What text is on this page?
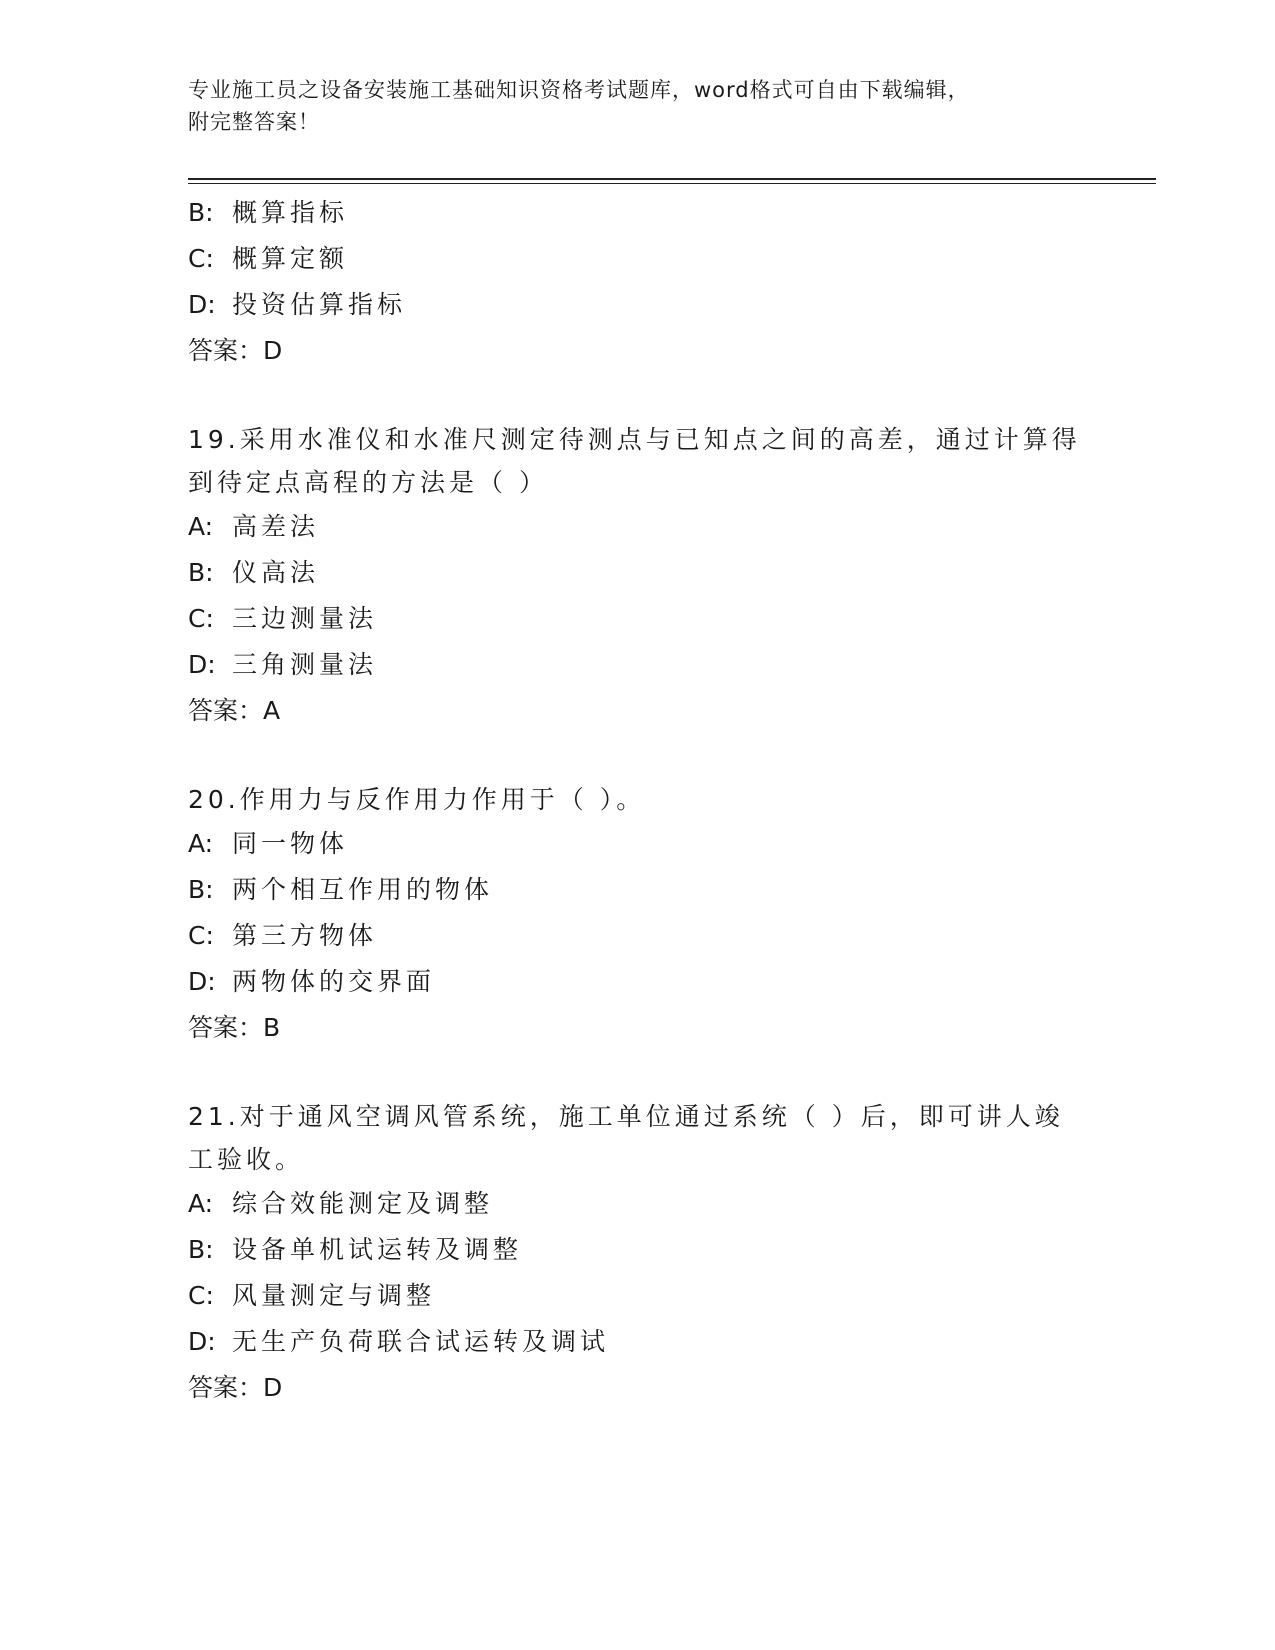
专业施工员之设备安装施工基础知识资格考试题库，word格式可自由下载编辑，
附完整答案！
B: 概算指标
C: 概算定额
D: 投资估算指标
答案：D
19.采用水准仪和水准尺测定待测点与已知点之间的高差，通过计算得
到待定点高程的方法是（ ）
A: 高差法
B: 仪高法
C: 三边测量法
D: 三角测量法
答案：A
20.作用力与反作用力作用于（ ）。
A: 同一物体
B: 两个相互作用的物体
C: 第三方物体
D: 两物体的交界面
答案：B
21.对于通风空调风管系统，施工单位通过系统（ ）后，即可讲人竣
工验收。
A: 综合效能测定及调整
B: 设备单机试运转及调整
C: 风量测定与调整
D: 无生产负荷联合试运转及调试
答案：D
